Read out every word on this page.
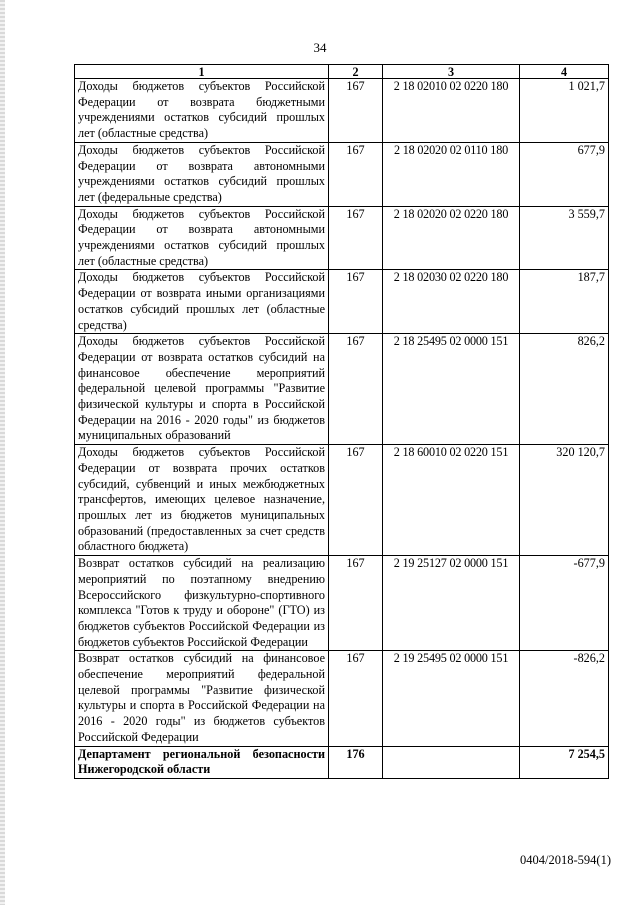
34
1	2	3	4
Доходы бюджетов субъектов Российской Федерации от возврата бюджетными учреждениями остатков субсидий прошлых лет (областные средства)	167	2 18 02010 02 0220 180	1 021,7
Доходы бюджетов субъектов Российской Федерации от возврата автономными учреждениями остатков субсидий прошлых лет (федеральные средства)	167	2 18 02020 02 0110 180	677,9
Доходы бюджетов субъектов Российской Федерации от возврата автономными учреждениями остатков субсидий прошлых лет (областные средства)	167	2 18 02020 02 0220 180	3 559,7
Доходы бюджетов субъектов Российской Федерации от возврата иными организациями остатков субсидий прошлых лет (областные средства)	167	2 18 02030 02 0220 180	187,7
Доходы бюджетов субъектов Российской Федерации от возврата остатков субсидий на финансовое обеспечение мероприятий федеральной целевой программы "Развитие физической культуры и спорта в Российской Федерации на 2016 - 2020 годы" из бюджетов муниципальных образований	167	2 18 25495 02 0000 151	826,2
Доходы бюджетов субъектов Российской Федерации от возврата прочих остатков субсидий, субвенций и иных межбюджетных трансфертов, имеющих целевое назначение, прошлых лет из бюджетов муниципальных образований (предоставленных за счет средств областного бюджета)	167	2 18 60010 02 0220 151	320 120,7
Возврат остатков субсидий на реализацию мероприятий по поэтапному внедрению Всероссийского физкультурно-спортивного комплекса "Готов к труду и обороне" (ГТО) из бюджетов субъектов Российской Федерации из бюджетов субъектов Российской Федерации	167	2 19 25127 02 0000 151	-677,9
Возврат остатков субсидий на финансовое обеспечение мероприятий федеральной целевой программы "Развитие физической культуры и спорта в Российской Федерации на 2016 - 2020 годы" из бюджетов субъектов Российской Федерации	167	2 19 25495 02 0000 151	-826,2
Департамент региональной безопасности Нижегородской области	176		7 254,5
0404/2018-594(1)
